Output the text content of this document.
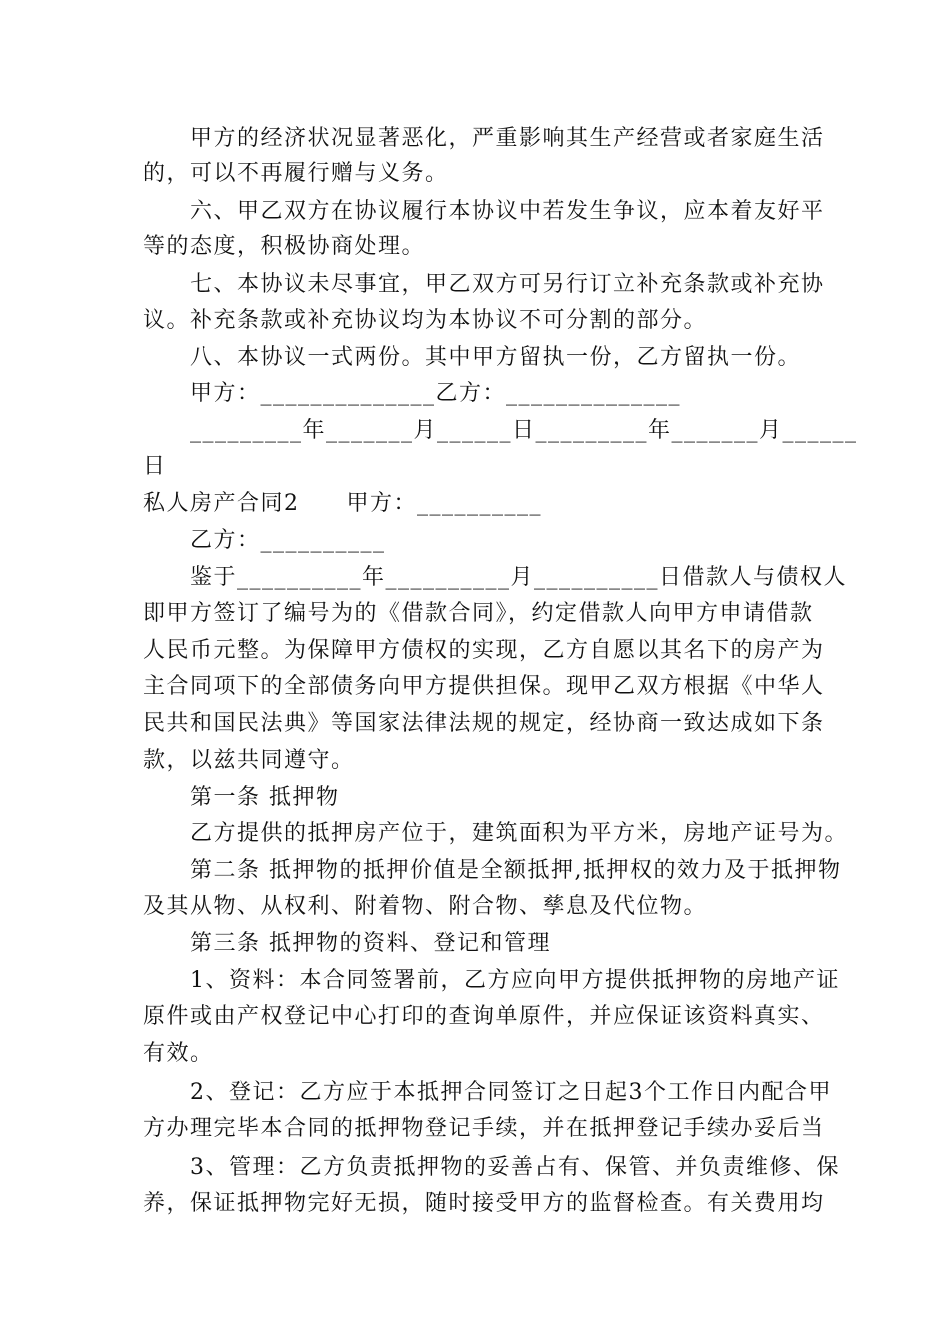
甲方的经济状况显著恶化，严重影响其生产经营或者家庭生活
的，可以不再履行赠与义务。
六、甲乙双方在协议履行本协议中若发生争议，应本着友好平
等的态度，积极协商处理。
七、本协议未尽事宜，甲乙双方可另行订立补充条款或补充协
议。补充条款或补充协议均为本协议不可分割的部分。
八、本协议一式两份。其中甲方留执一份，乙方留执一份。
甲方：______________乙方：______________
_________年_______月______日_________年_______月______
日
私人房产合同2　　甲方：__________
乙方：__________
鉴于__________年__________月__________日借款人与债权人
即甲方签订了编号为的《借款合同》，约定借款人向甲方申请借款
人民币元整。为保障甲方债权的实现，乙方自愿以其名下的房产为
主合同项下的全部债务向甲方提供担保。现甲乙双方根据《中华人
民共和国民法典》等国家法律法规的规定，经协商一致达成如下条
款，以兹共同遵守。
第一条 抵押物
乙方提供的抵押房产位于，建筑面积为平方米，房地产证号为。
第二条 抵押物的抵押价值是全额抵押,抵押权的效力及于抵押物
及其从物、从权利、附着物、附合物、孳息及代位物。
第三条 抵押物的资料、登记和管理
1、资料：本合同签署前，乙方应向甲方提供抵押物的房地产证
原件或由产权登记中心打印的查询单原件，并应保证该资料真实、
有效。
2、登记：乙方应于本抵押合同签订之日起3个工作日内配合甲
方办理完毕本合同的抵押物登记手续，并在抵押登记手续办妥后当
3、管理：乙方负责抵押物的妥善占有、保管、并负责维修、保
养，保证抵押物完好无损，随时接受甲方的监督检查。有关费用均
